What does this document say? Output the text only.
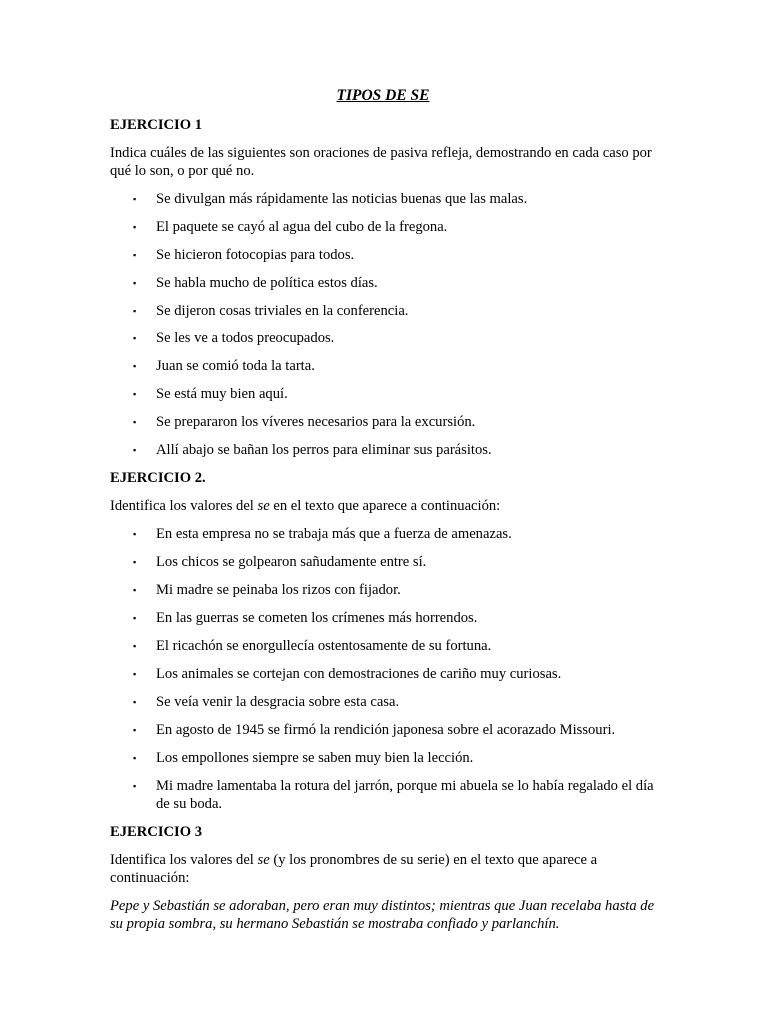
TIPOS DE SE
EJERCICIO 1
Indica cuáles de las siguientes son oraciones de pasiva refleja, demostrando en cada caso por qué lo son, o por qué no.
▪ Se divulgan más rápidamente las noticias buenas que las malas.
▪ El paquete se cayó al agua del cubo de la fregona.
▪ Se hicieron fotocopias para todos.
▪ Se habla mucho de política estos días.
▪ Se dijeron cosas triviales en la conferencia.
▪ Se les ve a todos preocupados.
▪ Juan se comió toda la tarta.
▪ Se está muy bien aquí.
▪ Se prepararon los víveres necesarios para la excursión.
▪ Allí abajo se bañan los perros para eliminar sus parásitos.
EJERCICIO 2.
Identifica los valores del se en el texto que aparece a continuación:
▪ En esta empresa no se trabaja más que a fuerza de amenazas.
▪ Los chicos se golpearon sañudamente entre sí.
▪ Mi madre se peinaba los rizos con fijador.
▪ En las guerras se cometen los crímenes más horrendos.
▪ El ricachón se enorgullecía ostentosamente de su fortuna.
▪ Los animales se cortejan con demostraciones de cariño muy curiosas.
▪ Se veía venir la desgracia sobre esta casa.
▪ En agosto de 1945 se firmó la rendición japonesa sobre el acorazado Missouri.
▪ Los empollones siempre se saben muy bien la lección.
▪ Mi madre lamentaba la rotura del jarrón, porque mi abuela se lo había regalado el día de su boda.
EJERCICIO 3
Identifica los valores del se (y los pronombres de su serie) en el texto que aparece a continuación:

Pepe y Sebastián se adoraban, pero eran muy distintos; mientras que Juan recelaba hasta de su propia sombra, su hermano Sebastián se mostraba confiado y parlanchín.
